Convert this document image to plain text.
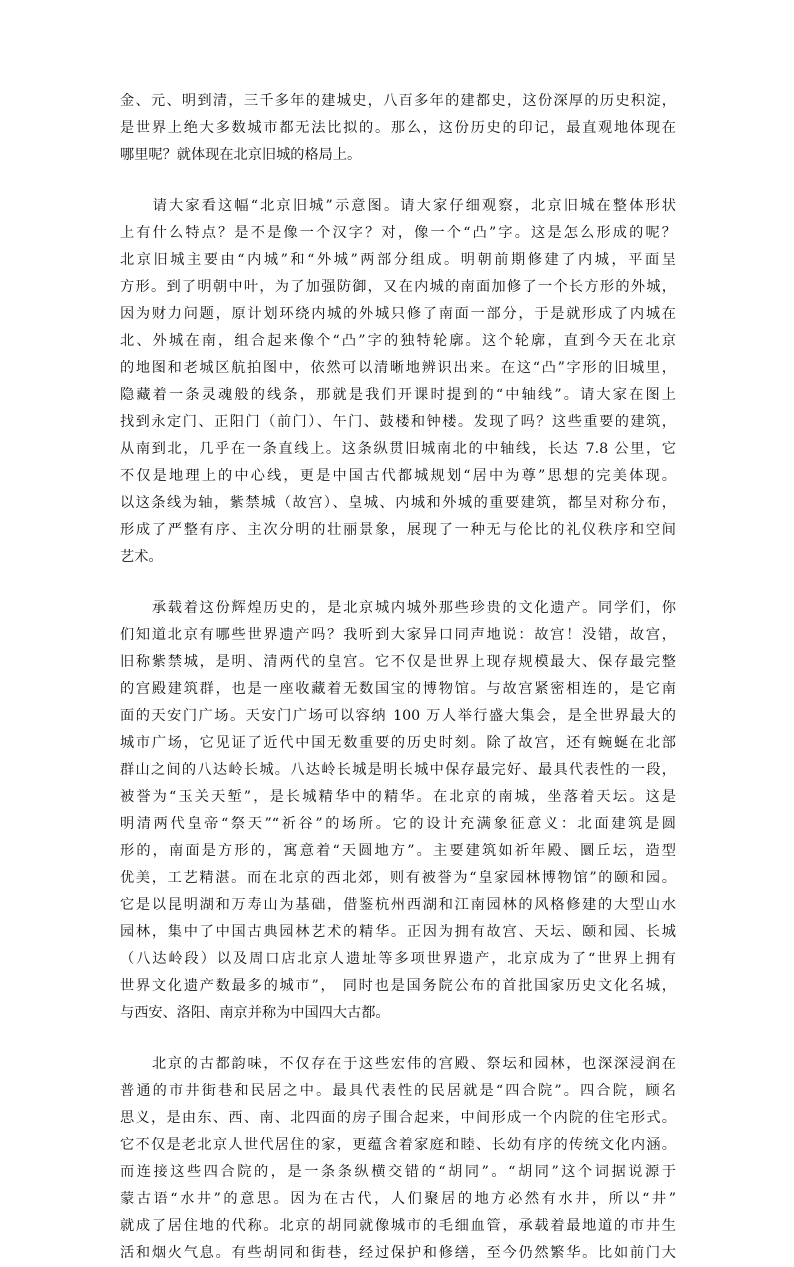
金、元、明到清，三千多年的建城史，八百多年的建都史，这份深厚的历史积淀，
是世界上绝大多数城市都无法比拟的。那么，这份历史的印记，最直观地体现在
哪里呢？就体现在北京旧城的格局上。

　　请大家看这幅“北京旧城”示意图。请大家仔细观察，北京旧城在整体形状
上有什么特点？是不是像一个汉字？对，像一个“凸”字。这是怎么形成的呢？
北京旧城主要由“内城”和“外城”两部分组成。明朝前期修建了内城，平面呈
方形。到了明朝中叶，为了加强防御，又在内城的南面加修了一个长方形的外城，
因为财力问题，原计划环绕内城的外城只修了南面一部分，于是就形成了内城在
北、外城在南，组合起来像个“凸”字的独特轮廓。这个轮廓，直到今天在北京
的地图和老城区航拍图中，依然可以清晰地辨识出来。在这“凸”字形的旧城里，
隐藏着一条灵魂般的线条，那就是我们开课时提到的“中轴线”。请大家在图上
找到永定门、正阳门（前门）、午门、鼓楼和钟楼。发现了吗？这些重要的建筑，
从南到北，几乎在一条直线上。这条纵贯旧城南北的中轴线，长达 7.8 公里，它
不仅是地理上的中心线，更是中国古代都城规划“居中为尊”思想的完美体现。
以这条线为轴，紫禁城（故宫）、皇城、内城和外城的重要建筑，都呈对称分布，
形成了严整有序、主次分明的壮丽景象，展现了一种无与伦比的礼仪秩序和空间
艺术。

　　承载着这份辉煌历史的，是北京城内城外那些珍贵的文化遗产。同学们，你
们知道北京有哪些世界遗产吗？我听到大家异口同声地说：故宫！没错，故宫，
旧称紫禁城，是明、清两代的皇宫。它不仅是世界上现存规模最大、保存最完整
的宫殿建筑群，也是一座收藏着无数国宝的博物馆。与故宫紧密相连的，是它南
面的天安门广场。天安门广场可以容纳 100 万人举行盛大集会，是全世界最大的
城市广场，它见证了近代中国无数重要的历史时刻。除了故宫，还有蜿蜒在北部
群山之间的八达岭长城。八达岭长城是明长城中保存最完好、最具代表性的一段，
被誉为“玉关天堑”，是长城精华中的精华。在北京的南城，坐落着天坛。这是
明清两代皇帝“祭天”“祈谷”的场所。它的设计充满象征意义：北面建筑是圆
形的，南面是方形的，寓意着“天圆地方”。主要建筑如祈年殿、圜丘坛，造型
优美，工艺精湛。而在北京的西北郊，则有被誉为“皇家园林博物馆”的颐和园。
它是以昆明湖和万寿山为基础，借鉴杭州西湖和江南园林的风格修建的大型山水
园林，集中了中国古典园林艺术的精华。正因为拥有故宫、天坛、颐和园、长城
（八达岭段）以及周口店北京人遗址等多项世界遗产，北京成为了“世界上拥有
世界文化遗产数最多的城市”， 同时也是国务院公布的首批国家历史文化名城，
与西安、洛阳、南京并称为中国四大古都。

　　北京的古都韵味，不仅存在于这些宏伟的宫殿、祭坛和园林，也深深浸润在
普通的市井街巷和民居之中。最具代表性的民居就是“四合院”。四合院，顾名
思义，是由东、西、南、北四面的房子围合起来，中间形成一个内院的住宅形式。
它不仅是老北京人世代居住的家，更蕴含着家庭和睦、长幼有序的传统文化内涵。
而连接这些四合院的，是一条条纵横交错的“胡同”。“胡同”这个词据说源于
蒙古语“水井”的意思。因为在古代，人们聚居的地方必然有水井，所以“井”
就成了居住地的代称。北京的胡同就像城市的毛细血管，承载着最地道的市井生
活和烟火气息。有些胡同和街巷，经过保护和修缮，至今仍然繁华。比如前门大
